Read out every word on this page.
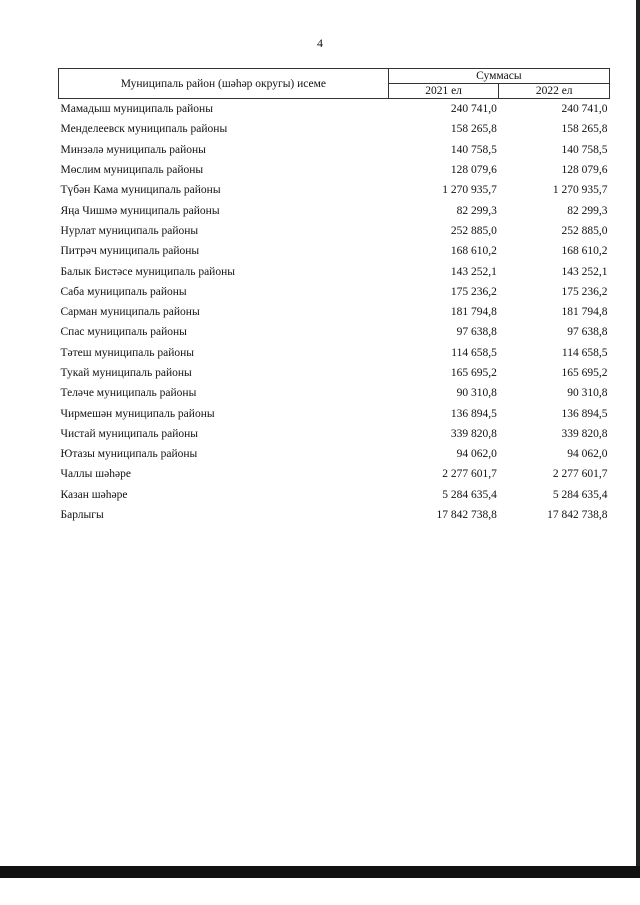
4
Муниципаль район (шәһәр округы) исеме	Суммасы	
	2021 ел	2022 ел
Мамадыш муниципаль районы	240 741,0	240 741,0
Менделеевск муниципаль районы	158 265,8	158 265,8
Минзәлә муниципаль районы	140 758,5	140 758,5
Мөслим муниципаль районы	128 079,6	128 079,6
Түбән Кама муниципаль районы	1 270 935,7	1 270 935,7
Яңа Чишмә муниципаль районы	82 299,3	82 299,3
Нурлат муниципаль районы	252 885,0	252 885,0
Питрәч муниципаль районы	168 610,2	168 610,2
Балык Бистәсе муниципаль районы	143 252,1	143 252,1
Саба муниципаль районы	175 236,2	175 236,2
Сарман муниципаль районы	181 794,8	181 794,8
Спас муниципаль районы	97 638,8	97 638,8
Тәтеш муниципаль районы	114 658,5	114 658,5
Тукай муниципаль районы	165 695,2	165 695,2
Теләче муниципаль районы	90 310,8	90 310,8
Чирмешән муниципаль районы	136 894,5	136 894,5
Чистай муниципаль районы	339 820,8	339 820,8
Ютазы муниципаль районы	94 062,0	94 062,0
Чаллы шәһәре	2 277 601,7	2 277 601,7
Казан шәһәре	5 284 635,4	5 284 635,4
Барлыгы	17 842 738,8	17 842 738,8
